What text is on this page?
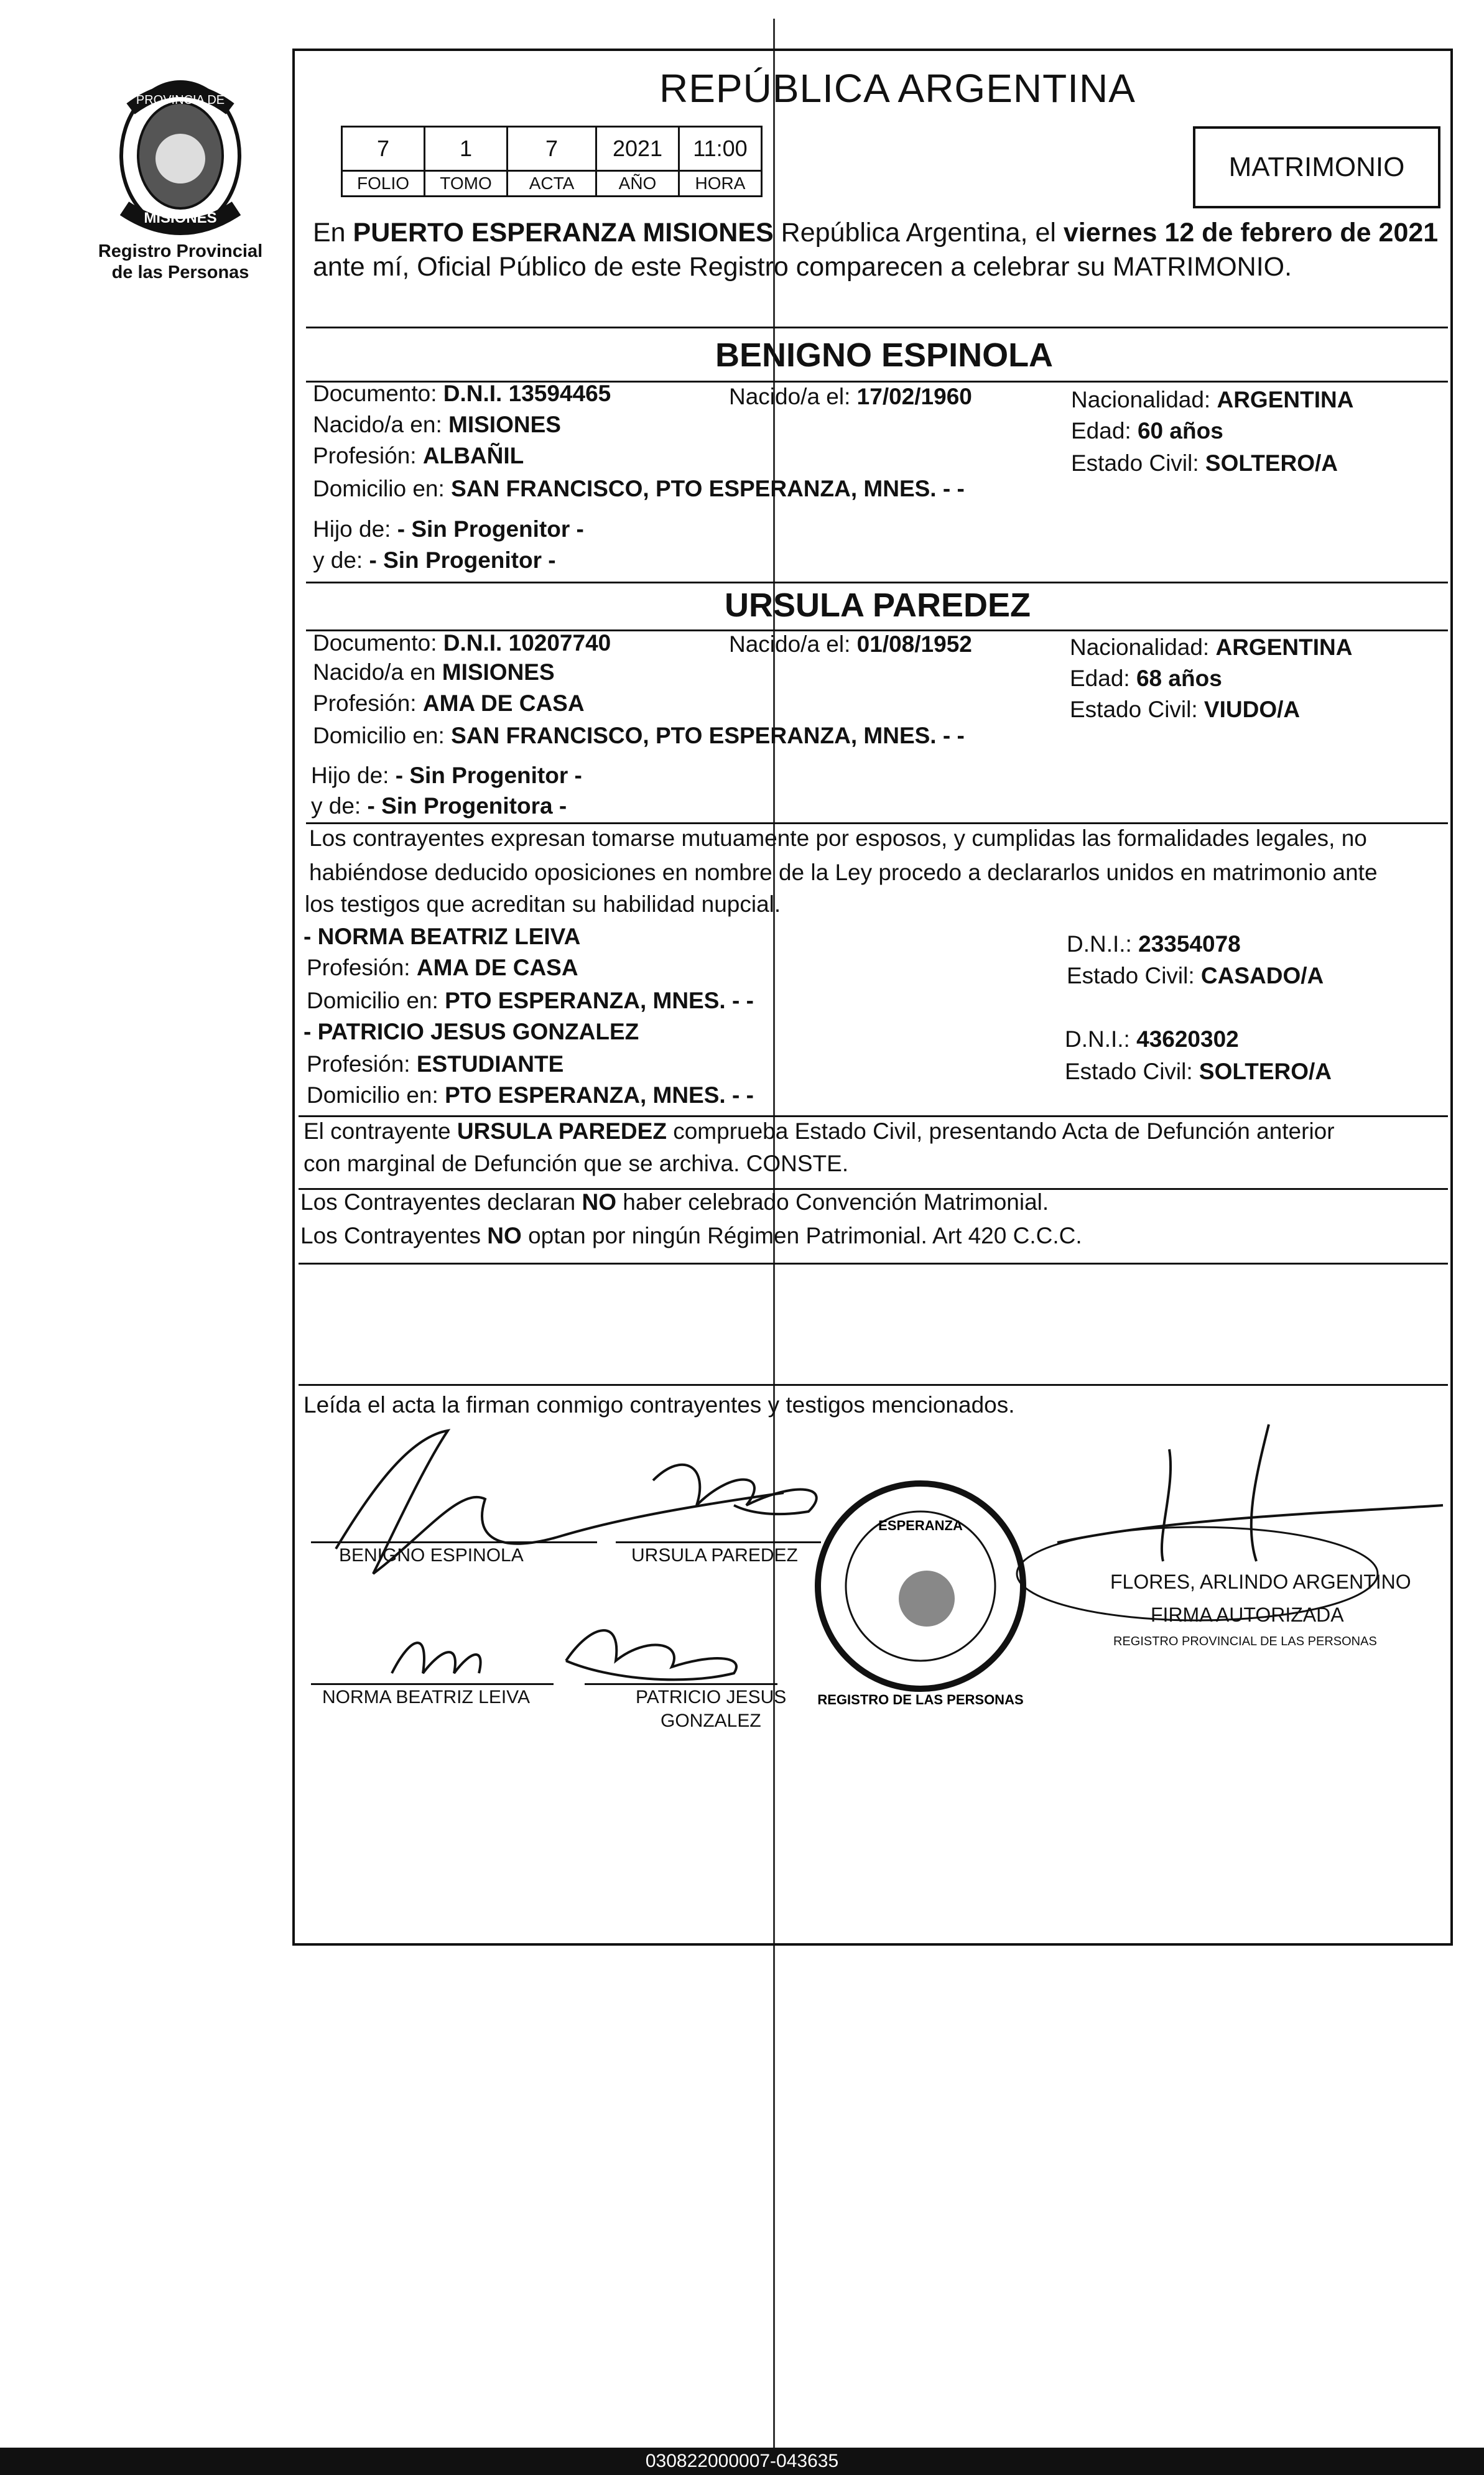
PROVINCIA DE
MISIONES
Registro Provincial
de las Personas
REPÚBLICA ARGENTINA
7	1	7	2021	11:00
FOLIO	TOMO	ACTA	AÑO	HORA
MATRIMONIO
En PUERTO ESPERANZA MISIONES República Argentina, el viernes 12 de febrero de 2021
ante mí, Oficial Público de este Registro comparecen a celebrar su MATRIMONIO.
BENIGNO ESPINOLA
Documento: D.N.I. 13594465	Nacido/a el: 17/02/1960	Nacionalidad: ARGENTINA
Nacido/a en: MISIONES	Edad: 60 años
Profesión: ALBAÑIL	Estado Civil: SOLTERO/A
Domicilio en: SAN FRANCISCO, PTO ESPERANZA, MNES. - -
Hijo de: - Sin Progenitor -
y de: - Sin Progenitor -
URSULA PAREDEZ
Documento: D.N.I. 10207740	Nacido/a el: 01/08/1952	Nacionalidad: ARGENTINA
Nacido/a en MISIONES	Edad: 68 años
Profesión: AMA DE CASA	Estado Civil: VIUDO/A
Domicilio en: SAN FRANCISCO, PTO ESPERANZA, MNES. - -
Hijo de: - Sin Progenitor -
y de: - Sin Progenitora -
Los contrayentes expresan tomarse mutuamente por esposos, y cumplidas las formalidades legales, no
habiéndose deducido oposiciones en nombre de la Ley procedo a declararlos unidos en matrimonio ante
los testigos que acreditan su habilidad nupcial.
- NORMA BEATRIZ LEIVA
Profesión: AMA DE CASA
Domicilio en: PTO ESPERANZA, MNES. - -
D.N.I.: 23354078
Estado Civil: CASADO/A
- PATRICIO JESUS GONZALEZ
Profesión: ESTUDIANTE
Domicilio en: PTO ESPERANZA, MNES. - -
D.N.I.: 43620302
Estado Civil: SOLTERO/A
El contrayente URSULA PAREDEZ comprueba Estado Civil, presentando Acta de Defunción anterior
con marginal de Defunción que se archiva. CONSTE.
Los Contrayentes declaran NO haber celebrado Convención Matrimonial.
Los Contrayentes NO optan por ningún Régimen Patrimonial. Art 420 C.C.C.
Leída el acta la firman conmigo contrayentes y testigos mencionados.
ESPERANZA
REGISTRO DE LAS PERSONAS
BENIGNO ESPINOLA	URSULA PAREDEZ
NORMA BEATRIZ LEIVA	PATRICIO JESUS
GONZALEZ
FLORES, ARLINDO ARGENTINO
FIRMA AUTORIZADA
REGISTRO PROVINCIAL DE LAS PERSONAS
030822000007-043635
